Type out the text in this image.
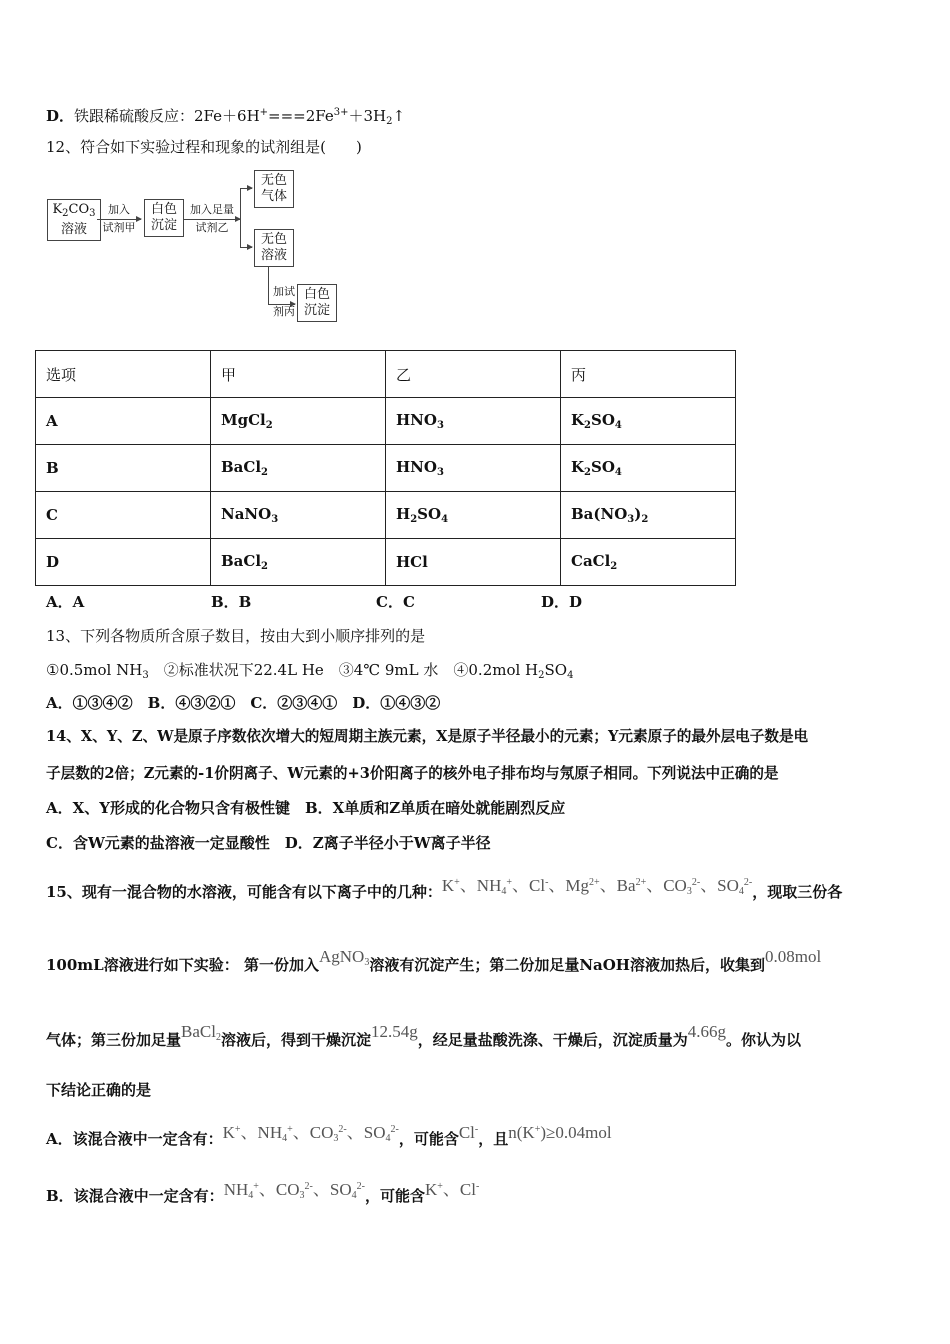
D．铁跟稀硫酸反应：$2Fe+6H^+===2Fe^{3+}+3H_2↑$
12、符合如下实验过程和现象的试剂组是(　　)
$K_2CO_3$
溶液
加入
试剂甲
白色
沉淀
加入足量
试剂乙
无色
气体
无色
溶液
加试
剂丙
白色
沉淀
选项	甲	乙	丙
A	MgCl$_2$	$HNO_3$	$K_2SO_4$
B	BaCl$_2$	$HNO_3$	$K_2SO_4$
C	NaNO$_3$	$H_2SO_4$	$Ba(NO_3)_2$
D	BaCl$_2$	HCl	CaCl$_2$
A．A	B．B	C．C	D．D
13、下列各物质所含原子数目，按由大到小顺序排列的是
①0.5mol $NH_3$　②标准状况下22.4L He　③4℃ 9mL 水　④0.2mol $H_2SO_4$
A．①③④②　B．④③②①　C．②③④①　D．①④③②
14、X、Y、Z、W是原子序数依次增大的短周期主族元素，X是原子半径最小的元素；Y元素原子的最外层电子数是电
子层数的2倍；Z元素的-1价阴离子、W元素的+3价阳离子的核外电子排布均与氖原子相同。下列说法中正确的是
A．X、Y形成的化合物只含有极性键　B．X单质和Z单质在暗处就能剧烈反应
C．含W元素的盐溶液一定显酸性　D．Z离子半径小于W离子半径
15、现有一混合物的水溶液，可能含有以下离子中的几种：K+、$NH_4^+$、Cl-、$Mg^{2+}$、$Ba^{2+}$、$CO_3^{2-}$、$SO_4^{2-}$，现取三份各
100mL溶液进行如下实验： 第一份加入AgNO$_3$溶液有沉淀产生；第二份加足量NaOH溶液加热后，收集到0.08mol
气体；第三份加足量BaCl$_2$溶液后，得到干燥沉淀12.54g，经足量盐酸洗涤、干燥后，沉淀质量为4.66g。你认为以
下结论正确的是
A．该混合液中一定含有：K+、$NH_4^+$、$CO_3^{2-}$、$SO_4^{2-}$，可能含Cl-，且n(K+)≥0.04mol
B．该混合液中一定含有：$NH_4^+$、$CO_3^{2-}$、$SO_4^{2-}$，可能含K+、Cl-
